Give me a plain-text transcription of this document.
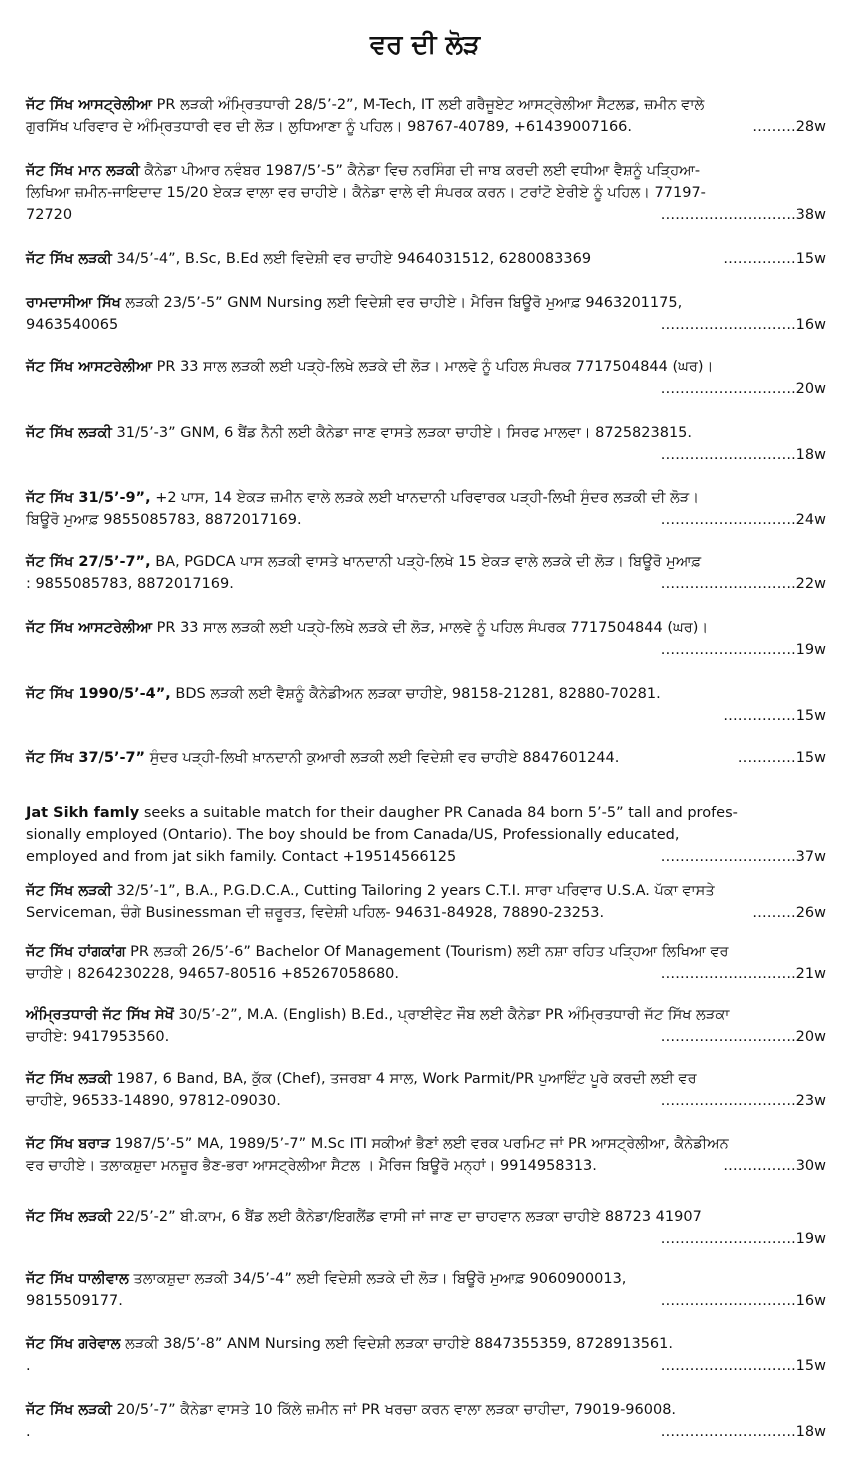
ਵਰ ਦੀ ਲੋੜ
ਜੱਟ ਸਿੱਖ ਆਸਟ੍ਰੇਲੀਆ PR ਲੜਕੀ ਅੰਮ੍ਰਿਤਧਾਰੀ 28/5’-2”, M-Tech, IT ਲਈ ਗਰੈਜੂਏਟ ਆਸਟ੍ਰੇਲੀਆ ਸੈਟਲਡ, ਜ਼ਮੀਨ ਵਾਲੇ
ਗੁਰਸਿੱਖ ਪਰਿਵਾਰ ਦੇ ਅੰਮ੍ਰਿਤਧਾਰੀ ਵਰ ਦੀ ਲੋੜ। ਲੁਧਿਆਣਾ ਨੂੰ ਪਹਿਲ। 98767-40789, +61439007166.	………28w
ਜੱਟ ਸਿੱਖ ਮਾਨ ਲੜਕੀ ਕੈਨੇਡਾ ਪੀਆਰ ਨਵੰਬਰ 1987/5’-5” ਕੈਨੇਡਾ ਵਿਚ ਨਰਸਿੰਗ ਦੀ ਜਾਬ ਕਰਦੀ ਲਈ ਵਧੀਆ ਵੈਸ਼ਨੂੰ ਪੜ੍ਹਿਆ-
ਲਿਖਿਆ ਜ਼ਮੀਨ-ਜਾਇਦਾਦ 15/20 ਏਕੜ ਵਾਲਾ ਵਰ ਚਾਹੀਏ। ਕੈਨੇਡਾ ਵਾਲੇ ਵੀ ਸੰਪਰਕ ਕਰਨ। ਟਰਾਂਟੋ ਏਰੀਏ ਨੂੰ ਪਹਿਲ। 77197-
72720	……………………….38w
ਜੱਟ ਸਿੱਖ ਲੜਕੀ 34/5’-4”, B.Sc, B.Ed ਲਈ ਵਿਦੇਸ਼ੀ ਵਰ ਚਾਹੀਏ 9464031512, 6280083369	……………15w
ਰਾਮਦਾਸੀਆ ਸਿੱਖ ਲੜਕੀ 23/5’-5” GNM Nursing ਲਈ ਵਿਦੇਸ਼ੀ ਵਰ ਚਾਹੀਏ। ਮੈਰਿਜ ਬਿਊਰੋ ਮੁਆਫ਼ 9463201175,
9463540065	……………………….16w
ਜੱਟ ਸਿੱਖ ਆਸਟਰੇਲੀਆ PR 33 ਸਾਲ ਲੜਕੀ ਲਈ ਪੜ੍ਹੇ-ਲਿਖੇ ਲੜਕੇ ਦੀ ਲੋੜ। ਮਾਲਵੇ ਨੂੰ ਪਹਿਲ ਸੰਪਰਕ 7717504844 (ਘਰ)।
……………………….20w
ਜੱਟ ਸਿੱਖ ਲੜਕੀ 31/5’-3” GNM, 6 ਬੈਂਡ ਨੈਨੀ ਲਈ ਕੈਨੇਡਾ ਜਾਣ ਵਾਸਤੇ ਲੜਕਾ ਚਾਹੀਏ। ਸਿਰਫ ਮਾਲਵਾ। 8725823815.
……………………….18w
ਜੱਟ ਸਿੱਖ 31/5’-9”, +2 ਪਾਸ, 14 ਏਕੜ ਜ਼ਮੀਨ ਵਾਲੇ ਲੜਕੇ ਲਈ ਖਾਨਦਾਨੀ ਪਰਿਵਾਰਕ ਪੜ੍ਹੀ-ਲਿਖੀ ਸੁੰਦਰ ਲੜਕੀ ਦੀ ਲੋੜ।
ਬਿਊਰੋ ਮੁਆਫ਼ 9855085783, 8872017169.	……………………….24w
ਜੱਟ ਸਿੱਖ 27/5’-7”, BA, PGDCA ਪਾਸ ਲੜਕੀ ਵਾਸਤੇ ਖਾਨਦਾਨੀ ਪੜ੍ਹੇ-ਲਿਖੇ 15 ਏਕੜ ਵਾਲੇ ਲੜਕੇ ਦੀ ਲੋੜ। ਬਿਊਰੋ ਮੁਆਫ਼
: 9855085783, 8872017169.	……………………….22w
ਜੱਟ ਸਿੱਖ ਆਸਟਰੇਲੀਆ PR 33 ਸਾਲ ਲੜਕੀ ਲਈ ਪੜ੍ਹੇ-ਲਿਖੇ ਲੜਕੇ ਦੀ ਲੋੜ, ਮਾਲਵੇ ਨੂੰ ਪਹਿਲ ਸੰਪਰਕ 7717504844 (ਘਰ)।
……………………….19w
ਜੱਟ ਸਿੱਖ 1990/5’-4”, BDS ਲੜਕੀ ਲਈ ਵੈਸ਼ਨੂੰ ਕੈਨੇਡੀਅਨ ਲੜਕਾ ਚਾਹੀਏ, 98158-21281, 82880-70281.
……………15w
ਜੱਟ ਸਿੱਖ 37/5’-7” ਸੁੰਦਰ ਪੜ੍ਹੀ-ਲਿਖੀ ਖ਼ਾਨਦਾਨੀ ਕੁਆਰੀ ਲੜਕੀ ਲਈ ਵਿਦੇਸ਼ੀ ਵਰ ਚਾਹੀਏ 8847601244.	…………15w
Jat Sikh famly seeks a suitable match for their daugher PR Canada 84 born 5’-5” tall and profes-
sionally employed (Ontario). The boy should be from Canada/US, Professionally educated,
employed and from jat sikh family. Contact +19514566125	……………………….37w
ਜੱਟ ਸਿੱਖ ਲੜਕੀ 32/5’-1”, B.A., P.G.D.C.A., Cutting Tailoring 2 years C.T.I. ਸਾਰਾ ਪਰਿਵਾਰ U.S.A. ਪੱਕਾ ਵਾਸਤੇ
Serviceman, ਚੰਗੇ Businessman ਦੀ ਜ਼ਰੂਰਤ, ਵਿਦੇਸ਼ੀ ਪਹਿਲ- 94631-84928, 78890-23253.	………26w
ਜੱਟ ਸਿੱਖ ਹਾਂਗਕਾਂਗ PR ਲੜਕੀ 26/5’-6” Bachelor Of Management (Tourism) ਲਈ ਨਸ਼ਾ ਰਹਿਤ ਪੜ੍ਹਿਆ ਲਿਖਿਆ ਵਰ
ਚਾਹੀਏ। 8264230228, 94657-80516 +85267058680.	……………………….21w
ਅੰਮ੍ਰਿਤਧਾਰੀ ਜੱਟ ਸਿੱਖ ਸੇਖੋਂ 30/5’-2”, M.A. (English) B.Ed., ਪ੍ਰਾਈਵੇਟ ਜੌਬ ਲਈ ਕੈਨੇਡਾ PR ਅੰਮ੍ਰਿਤਧਾਰੀ ਜੱਟ ਸਿੱਖ ਲੜਕਾ
ਚਾਹੀਏ: 9417953560.	……………………….20w
ਜੱਟ ਸਿੱਖ ਲੜਕੀ 1987, 6 Band, BA, ਕੁੱਕ (Chef), ਤਜਰਬਾ 4 ਸਾਲ, Work Parmit/PR ਪੁਆਇੰਟ ਪੂਰੇ ਕਰਦੀ ਲਈ ਵਰ
ਚਾਹੀਏ, 96533-14890, 97812-09030.	……………………….23w
ਜੱਟ ਸਿੱਖ ਬਰਾੜ 1987/5’-5” MA, 1989/5’-7” M.Sc ITI ਸਕੀਆਂ ਭੈਣਾਂ ਲਈ ਵਰਕ ਪਰਮਿਟ ਜਾਂ PR ਆਸਟ੍ਰੇਲੀਆ, ਕੈਨੇਡੀਅਨ
ਵਰ ਚਾਹੀਏ। ਤਲਾਕਸ਼ੁਦਾ ਮਨਜ਼ੂਰ ਭੈਣ-ਭਰਾ ਆਸਟ੍ਰੇਲੀਆ ਸੈਟਲ । ਮੈਰਿਜ ਬਿਊਰੋ ਮਨ੍ਹਾਂ। 9914958313.	……………30w
ਜੱਟ ਸਿੱਖ ਲੜਕੀ 22/5’-2” ਬੀ.ਕਾਮ, 6 ਬੈਂਡ ਲਈ ਕੈਨੇਡਾ/ਇਗਲੈਂਡ ਵਾਸੀ ਜਾਂ ਜਾਣ ਦਾ ਚਾਹਵਾਨ ਲੜਕਾ ਚਾਹੀਏ 88723 41907
……………………….19w
ਜੱਟ ਸਿੱਖ ਧਾਲੀਵਾਲ ਤਲਾਕਸ਼ੁਦਾ ਲੜਕੀ 34/5’-4” ਲਈ ਵਿਦੇਸ਼ੀ ਲੜਕੇ ਦੀ ਲੋੜ। ਬਿਊਰੋ ਮੁਆਫ਼ 9060900013,
9815509177.	……………………….16w
ਜੱਟ ਸਿੱਖ ਗਰੇਵਾਲ ਲੜਕੀ 38/5’-8” ANM Nursing ਲਈ ਵਿਦੇਸ਼ੀ ਲੜਕਾ ਚਾਹੀਏ 8847355359, 8728913561.
.	……………………….15w
ਜੱਟ ਸਿੱਖ ਲੜਕੀ 20/5’-7” ਕੈਨੇਡਾ ਵਾਸਤੇ 10 ਕਿੱਲੇ ਜ਼ਮੀਨ ਜਾਂ PR ਖਰਚਾ ਕਰਨ ਵਾਲਾ ਲੜਕਾ ਚਾਹੀਦਾ, 79019-96008.
.	……………………….18w
